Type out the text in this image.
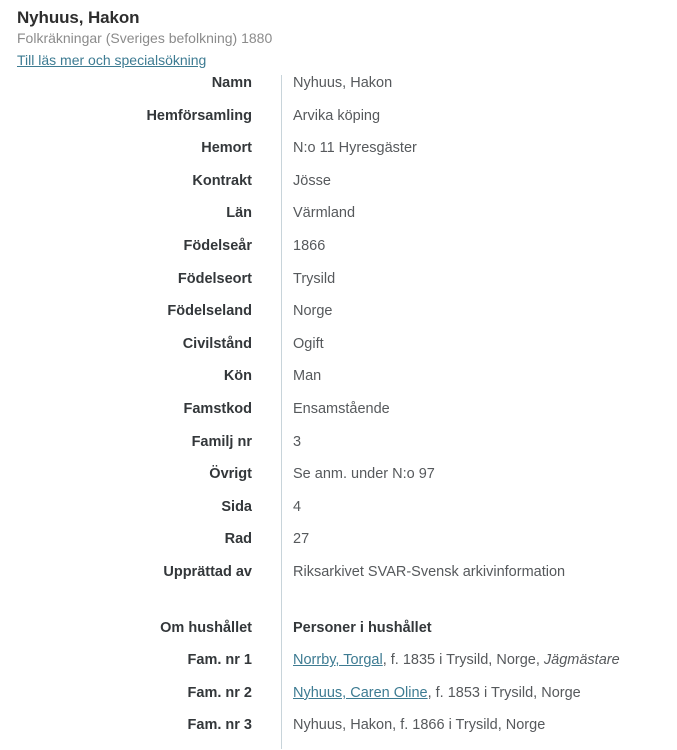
Nyhuus, Hakon
Folkräkningar (Sveriges befolkning) 1880
Till läs mer och specialsökning
Namn	Nyhuus, Hakon
Hemförsamling	Arvika köping
Hemort	N:o 11 Hyresgäster
Kontrakt	Jösse
Län	Värmland
Födelseår	1866
Födelseort	Trysild
Födelseland	Norge
Civilstånd	Ogift
Kön	Man
Famstkod	Ensamstående
Familj nr	3
Övrigt	Se anm. under N:o 97
Sida	4
Rad	27
Upprättad av	Riksarkivet SVAR-Svensk arkivinformation
Om hushållet	Personer i hushållet
Fam. nr 1	Norrby, Torgal, f. 1835 i Trysild, Norge, Jägmästare
Fam. nr 2	Nyhuus, Caren Oline, f. 1853 i Trysild, Norge
Fam. nr 3	Nyhuus, Hakon, f. 1866 i Trysild, Norge
